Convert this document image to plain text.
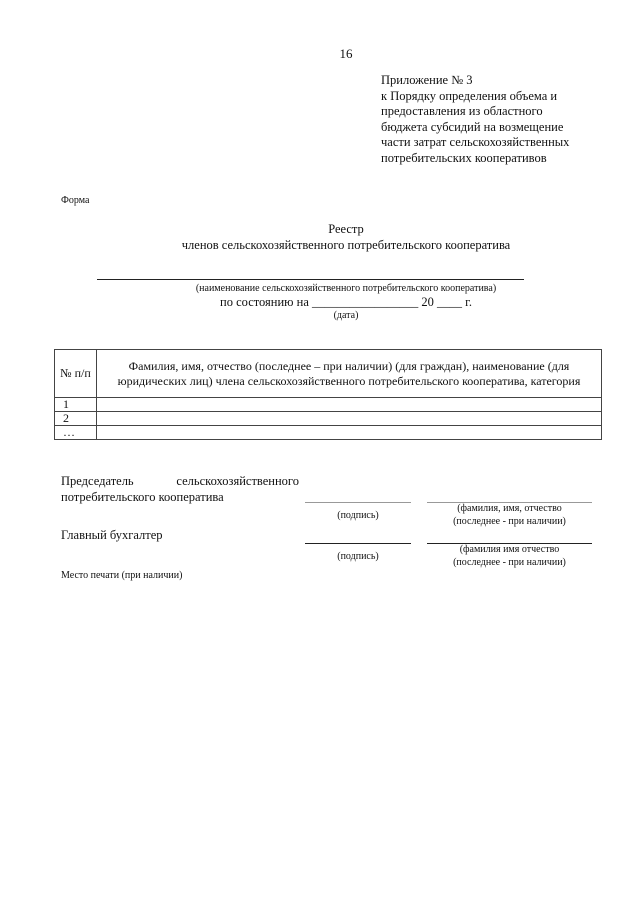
16
Приложение № 3
к Порядку определения объема и
предоставления из областного
бюджета субсидий на возмещение
части затрат сельскохозяйственных
потребительских кооперативов
Форма
Реестр
членов сельскохозяйственного потребительского кооператива
(наименование сельскохозяйственного потребительского кооператива)
по состоянию на _________________ 20 ____ г.
(дата)
№ п/п	Фамилия, имя, отчество (последнее – при наличии) (для граждан), наименование (для юридических лиц) члена сельскохозяйственного потребительского кооператива, категория
1	
2	
…	
Председатель	сельскохозяйственного
потребительского кооператива
(подпись)
(фамилия, имя, отчество
(последнее - при наличии)
Главный бухгалтер
(подпись)
(фамилия имя отчество
(последнее - при наличии)
Место печати (при наличии)
